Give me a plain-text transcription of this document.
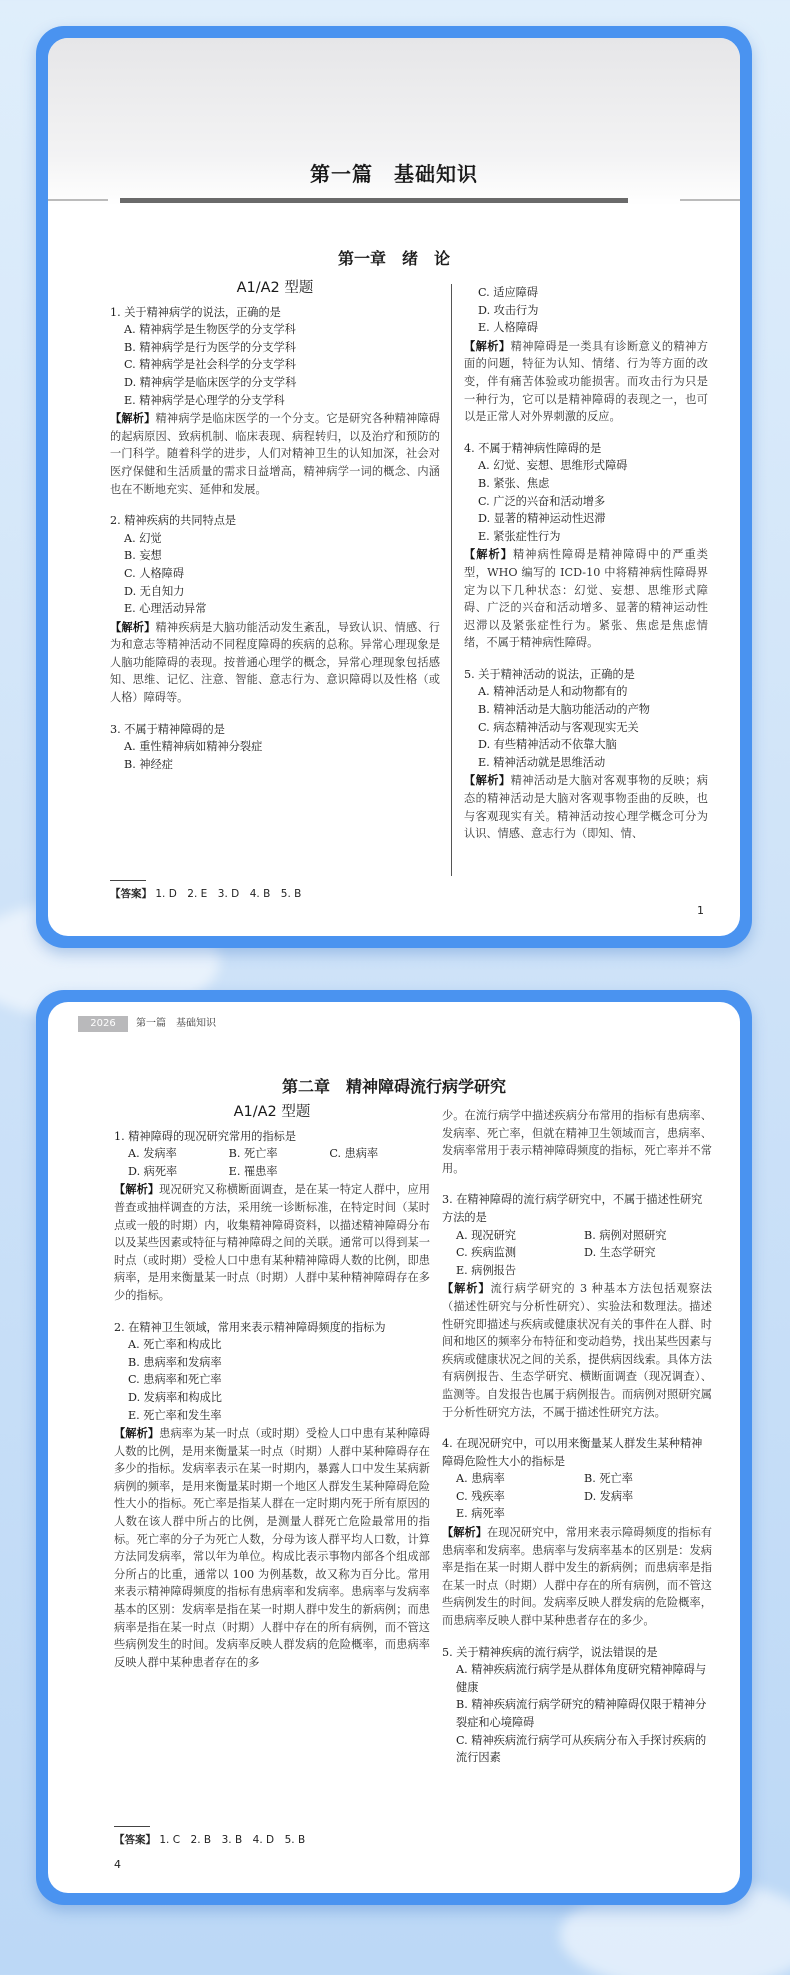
第一篇　基础知识
第一章　绪　论
A1/A2 型题
1. 关于精神病学的说法，正确的是
A. 精神病学是生物医学的分支学科
B. 精神病学是行为医学的分支学科
C. 精神病学是社会科学的分支学科
D. 精神病学是临床医学的分支学科
E. 精神病学是心理学的分支学科
【解析】精神病学是临床医学的一个分支。它是研究各种精神障碍的起病原因、致病机制、临床表现、病程转归，以及治疗和预防的一门科学。随着科学的进步，人们对精神卫生的认知加深，社会对医疗保健和生活质量的需求日益增高，精神病学一词的概念、内涵也在不断地充实、延伸和发展。
2. 精神疾病的共同特点是
A. 幻觉
B. 妄想
C. 人格障碍
D. 无自知力
E. 心理活动异常
【解析】精神疾病是大脑功能活动发生紊乱，导致认识、情感、行为和意志等精神活动不同程度障碍的疾病的总称。异常心理现象是人脑功能障碍的表现。按普通心理学的概念，异常心理现象包括感知、思维、记忆、注意、智能、意志行为、意识障碍以及性格（或人格）障碍等。
3. 不属于精神障碍的是
A. 重性精神病如精神分裂症
B. 神经症
C. 适应障碍
D. 攻击行为
E. 人格障碍
【解析】精神障碍是一类具有诊断意义的精神方面的问题，特征为认知、情绪、行为等方面的改变，伴有痛苦体验或功能损害。而攻击行为只是一种行为，它可以是精神障碍的表现之一，也可以是正常人对外界刺激的反应。
4. 不属于精神病性障碍的是
A. 幻觉、妄想、思维形式障碍
B. 紧张、焦虑
C. 广泛的兴奋和活动增多
D. 显著的精神运动性迟滞
E. 紧张症性行为
【解析】精神病性障碍是精神障碍中的严重类型，WHO 编写的 ICD-10 中将精神病性障碍界定为以下几种状态：幻觉、妄想、思维形式障碍、广泛的兴奋和活动增多、显著的精神运动性迟滞以及紧张症性行为。紧张、焦虑是焦虑情绪，不属于精神病性障碍。
5. 关于精神活动的说法，正确的是
A. 精神活动是人和动物都有的
B. 精神活动是大脑功能活动的产物
C. 病态精神活动与客观现实无关
D. 有些精神活动不依靠大脑
E. 精神活动就是思维活动
【解析】精神活动是大脑对客观事物的反映；病态的精神活动是大脑对客观事物歪曲的反映，也与客观现实有关。精神活动按心理学概念可分为认识、情感、意志行为（即知、情、
【答案】 1. D　2. E　3. D　4. B　5. B
1
2026	第一篇　基础知识
第二章　精神障碍流行病学研究
A1/A2 型题
1. 精神障碍的现况研究常用的指标是
A. 发病率	B. 死亡率	C. 患病率
D. 病死率	E. 罹患率
【解析】现况研究又称横断面调查，是在某一特定人群中，应用普查或抽样调查的方法，采用统一诊断标准，在特定时间（某时点或一般的时期）内，收集精神障碍资料，以描述精神障碍分布以及某些因素或特征与精神障碍之间的关联。通常可以得到某一时点（或时期）受检人口中患有某种精神障碍人数的比例，即患病率，是用来衡量某一时点（时期）人群中某种精神障碍存在多少的指标。
2. 在精神卫生领域，常用来表示精神障碍频度的指标为
A. 死亡率和构成比
B. 患病率和发病率
C. 患病率和死亡率
D. 发病率和构成比
E. 死亡率和发生率
【解析】患病率为某一时点（或时期）受检人口中患有某种障碍人数的比例，是用来衡量某一时点（时期）人群中某种障碍存在多少的指标。发病率表示在某一时期内，暴露人口中发生某病新病例的频率，是用来衡量某时期一个地区人群发生某种障碍危险性大小的指标。死亡率是指某人群在一定时期内死于所有原因的人数在该人群中所占的比例，是测量人群死亡危险最常用的指标。死亡率的分子为死亡人数，分母为该人群平均人口数，计算方法同发病率，常以年为单位。构成比表示事物内部各个组成部分所占的比重，通常以 100 为例基数，故又称为百分比。常用来表示精神障碍频度的指标有患病率和发病率。患病率与发病率基本的区别：发病率是指在某一时期人群中发生的新病例；而患病率是指在某一时点（时期）人群中存在的所有病例，而不管这些病例发生的时间。发病率反映人群发病的危险概率，而患病率反映人群中某种患者存在的多
少。在流行病学中描述疾病分布常用的指标有患病率、发病率、死亡率，但就在精神卫生领域而言，患病率、发病率常用于表示精神障碍频度的指标，死亡率并不常用。
3. 在精神障碍的流行病学研究中，不属于描述性研究方法的是
A. 现况研究	B. 病例对照研究
C. 疾病监测	D. 生态学研究
E. 病例报告
【解析】流行病学研究的 3 种基本方法包括观察法（描述性研究与分析性研究）、实验法和数理法。描述性研究即描述与疾病或健康状况有关的事件在人群、时间和地区的频率分布特征和变动趋势，找出某些因素与疾病或健康状况之间的关系，提供病因线索。具体方法有病例报告、生态学研究、横断面调查（现况调查）、监测等。自发报告也属于病例报告。而病例对照研究属于分析性研究方法，不属于描述性研究方法。
4. 在现况研究中，可以用来衡量某人群发生某种精神障碍危险性大小的指标是
A. 患病率	B. 死亡率
C. 残疾率	D. 发病率
E. 病死率
【解析】在现况研究中，常用来表示障碍频度的指标有患病率和发病率。患病率与发病率基本的区别是：发病率是指在某一时期人群中发生的新病例；而患病率是指在某一时点（时期）人群中存在的所有病例，而不管这些病例发生的时间。发病率反映人群发病的危险概率，而患病率反映人群中某种患者存在的多少。
5. 关于精神疾病的流行病学，说法错误的是
A. 精神疾病流行病学是从群体角度研究精神障碍与健康
B. 精神疾病流行病学研究的精神障碍仅限于精神分裂症和心境障碍
C. 精神疾病流行病学可从疾病分布入手探讨疾病的流行因素
【答案】 1. C　2. B　3. B　4. D　5. B
4
